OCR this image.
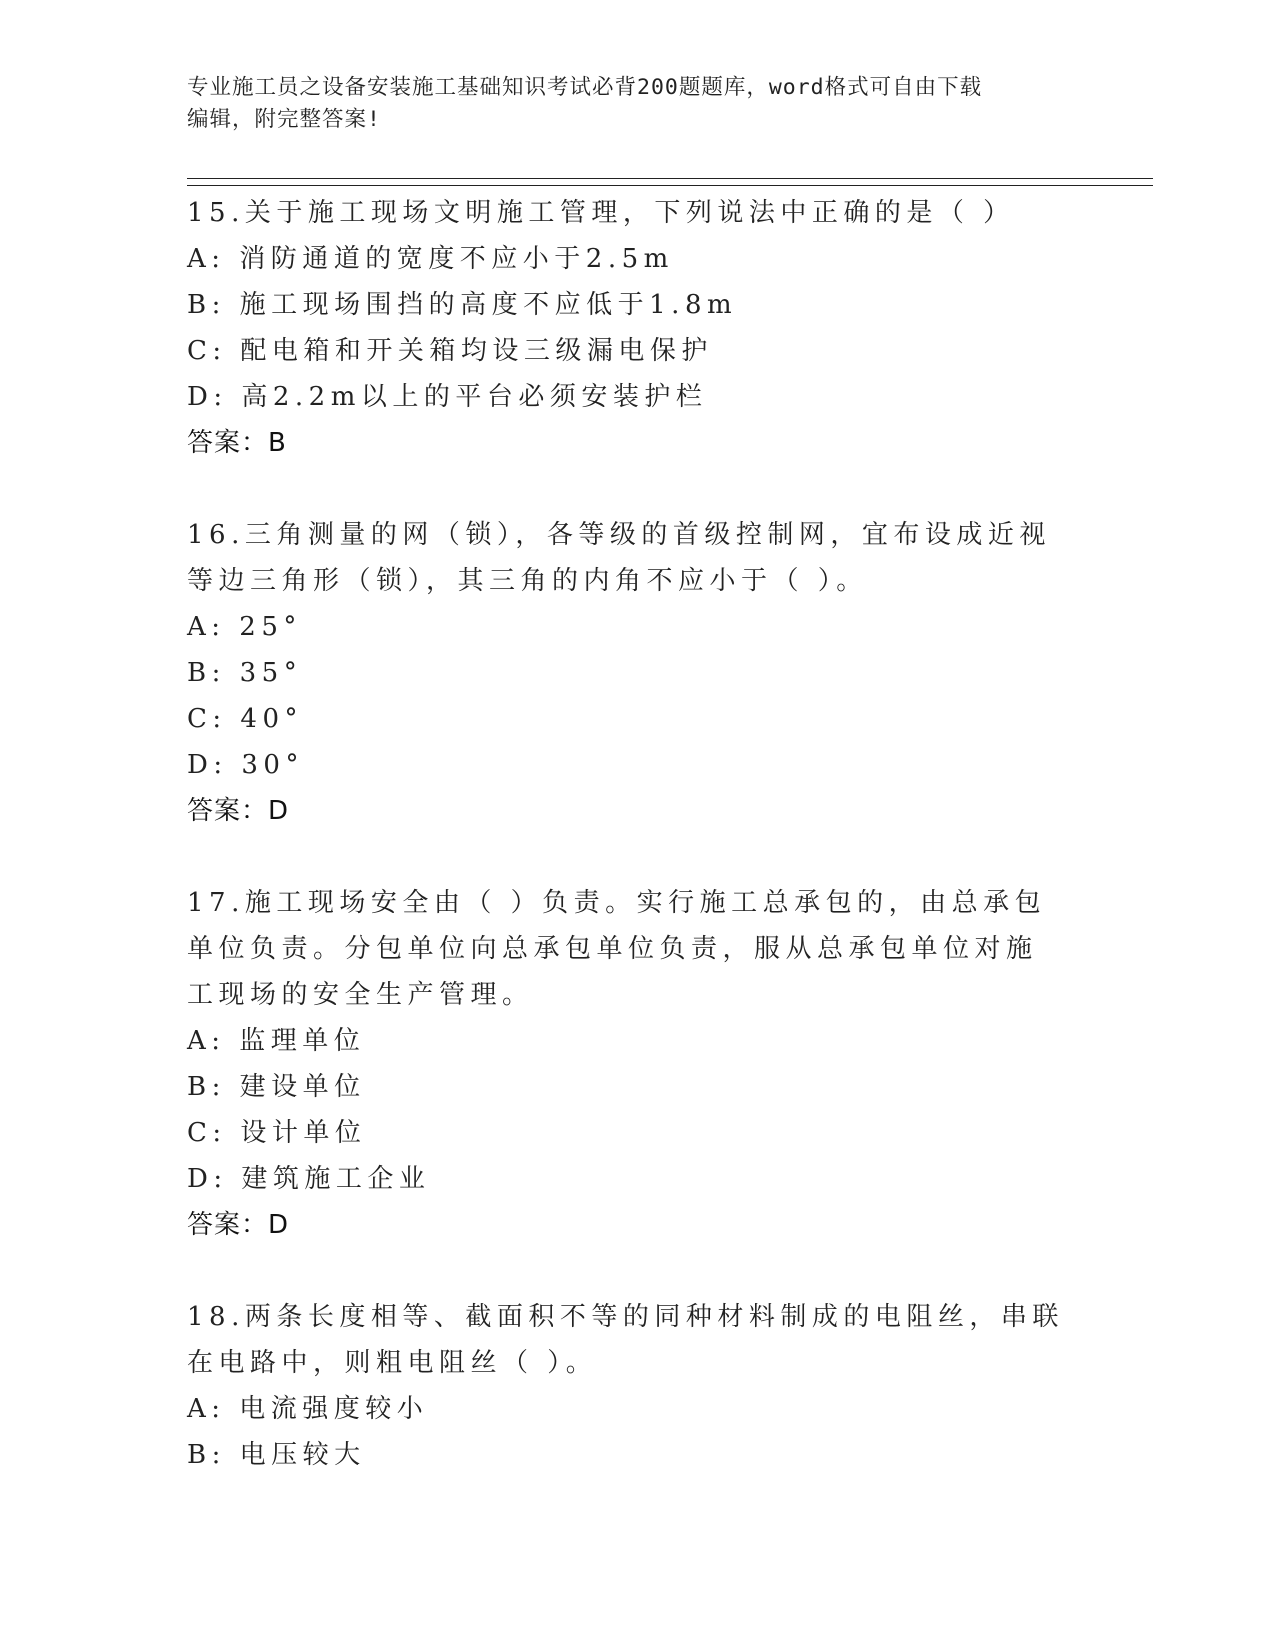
专业施工员之设备安装施工基础知识考试必背200题题库，word格式可自由下载
编辑，附完整答案!
15.关于施工现场文明施工管理，下列说法中正确的是（ ）
A: 消防通道的宽度不应小于2.5m
B: 施工现场围挡的高度不应低于1.8m
C: 配电箱和开关箱均设三级漏电保护
D: 高2.2m以上的平台必须安装护栏
答案：B
16.三角测量的网（锁），各等级的首级控制网，宜布设成近视等边三角形（锁），其三角的内角不应小于（ ）。
A: 25°
B: 35°
C: 40°
D: 30°
答案：D
17.施工现场安全由（ ）负责。实行施工总承包的，由总承包单位负责。分包单位向总承包单位负责，服从总承包单位对施工现场的安全生产管理。
A: 监理单位
B: 建设单位
C: 设计单位
D: 建筑施工企业
答案：D
18.两条长度相等、截面积不等的同种材料制成的电阻丝，串联在电路中，则粗电阻丝（ ）。
A: 电流强度较小
B: 电压较大
